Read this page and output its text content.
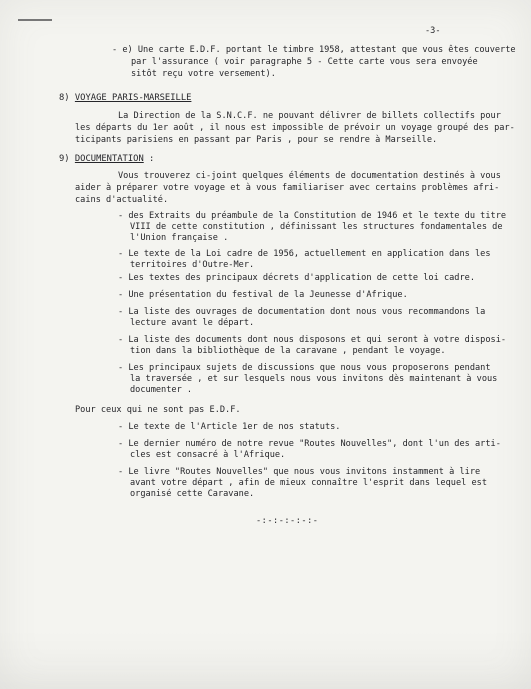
-3-
- e) Une carte E.D.F. portant le timbre 1958, attestant que vous êtes couverte
par l'assurance ( voir paragraphe 5 - Cette carte vous sera envoyée
sitôt reçu votre versement).
8) VOYAGE PARIS-MARSEILLE
La Direction de la S.N.C.F. ne pouvant délivrer de billets collectifs pour
les départs du 1er août , il nous est impossible de prévoir un voyage groupé des par-
ticipants parisiens en passant par Paris , pour se rendre à Marseille.
9) DOCUMENTATION :
Vous trouverez ci-joint quelques éléments de documentation destinés à vous
aider à préparer votre voyage et à vous familiariser avec certains problèmes afri-
cains d'actualité.
- des Extraits du préambule de la Constitution de 1946 et le texte du titre
VIII de cette constitution , définissant les structures fondamentales de
l'Union française .
- Le texte de la Loi cadre de 1956, actuellement en application dans les
territoires d'Outre-Mer.
- Les textes des principaux décrets d'application de cette loi cadre.
- Une présentation du festival de la Jeunesse d'Afrique.
- La liste des ouvrages de documentation dont nous vous recommandons la
lecture avant le départ.
- La liste des documents dont nous disposons et qui seront à votre disposi-
tion dans la bibliothèque de la caravane , pendant le voyage.
- Les principaux sujets de discussions que nous vous proposerons pendant
la traversée , et sur lesquels nous vous invitons dès maintenant à vous
documenter .
Pour ceux qui ne sont pas E.D.F.
- Le texte de l'Article 1er de nos statuts.
- Le dernier numéro de notre revue "Routes Nouvelles", dont l'un des arti-
cles est consacré à l'Afrique.
- Le livre "Routes Nouvelles" que nous vous invitons instamment à lire
avant votre départ , afin de mieux connaître l'esprit dans lequel est
organisé cette Caravane.
-:-:-:-:-:-
